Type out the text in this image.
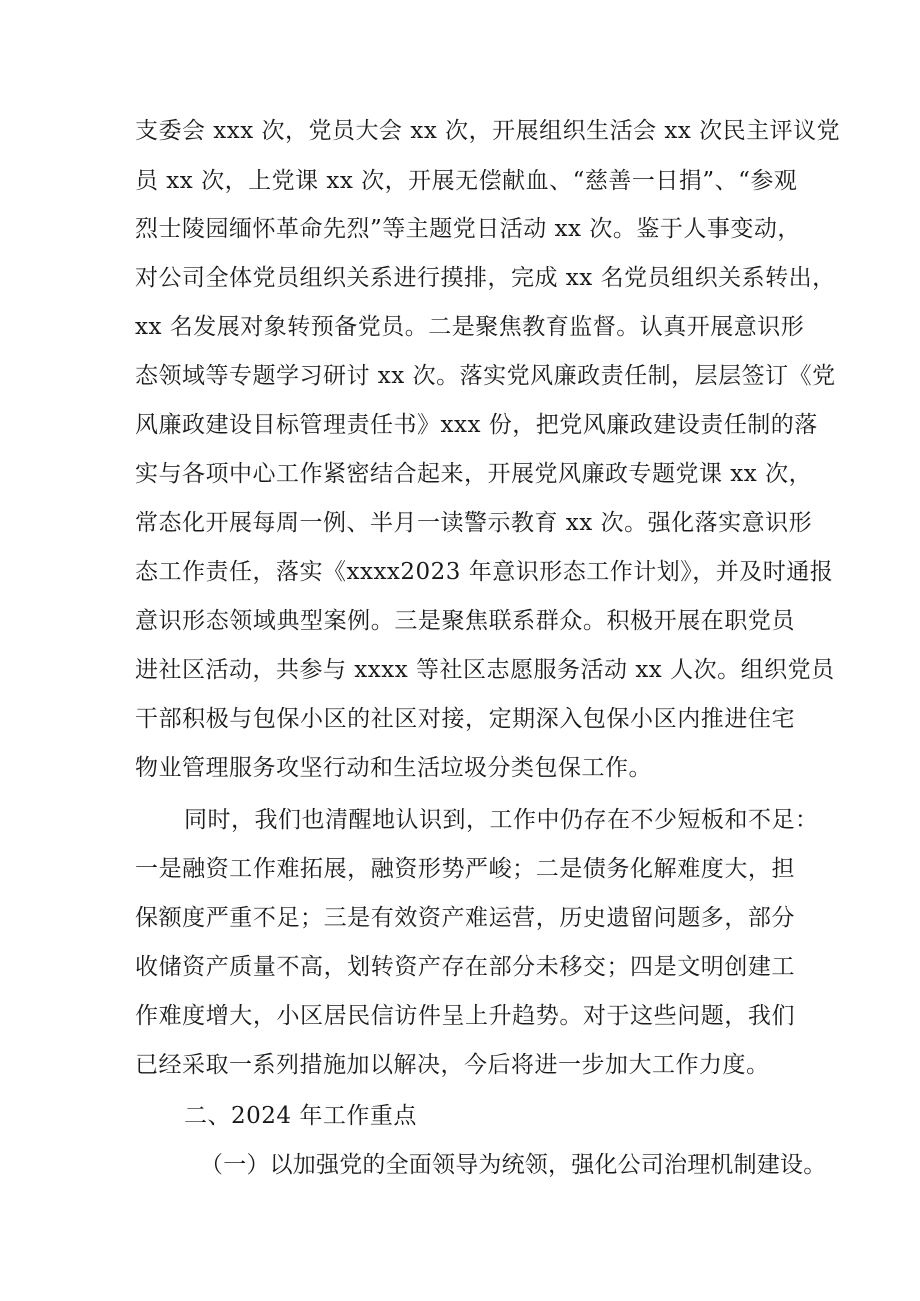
支委会 xxx 次，党员大会 xx 次，开展组织生活会 xx 次民主评议党
员 xx 次，上党课 xx 次，开展无偿献血、“慈善一日捐”、“参观
烈士陵园缅怀革命先烈”等主题党日活动 xx 次。鉴于人事变动，
对公司全体党员组织关系进行摸排，完成 xx 名党员组织关系转出，
xx 名发展对象转预备党员。二是聚焦教育监督。认真开展意识形
态领域等专题学习研讨 xx 次。落实党风廉政责任制，层层签订《党
风廉政建设目标管理责任书》xxx 份，把党风廉政建设责任制的落
实与各项中心工作紧密结合起来，开展党风廉政专题党课 xx 次，
常态化开展每周一例、半月一读警示教育 xx 次。强化落实意识形
态工作责任，落实《xxxx2023 年意识形态工作计划》，并及时通报
意识形态领域典型案例。三是聚焦联系群众。积极开展在职党员
进社区活动，共参与 xxxx 等社区志愿服务活动 xx 人次。组织党员
干部积极与包保小区的社区对接，定期深入包保小区内推进住宅
物业管理服务攻坚行动和生活垃圾分类包保工作。
同时，我们也清醒地认识到，工作中仍存在不少短板和不足：
一是融资工作难拓展，融资形势严峻；二是债务化解难度大，担
保额度严重不足；三是有效资产难运营，历史遗留问题多，部分
收储资产质量不高，划转资产存在部分未移交；四是文明创建工
作难度增大，小区居民信访件呈上升趋势。对于这些问题，我们
已经采取一系列措施加以解决，今后将进一步加大工作力度。
二、2024 年工作重点
（一）以加强党的全面领导为统领，强化公司治理机制建设。
